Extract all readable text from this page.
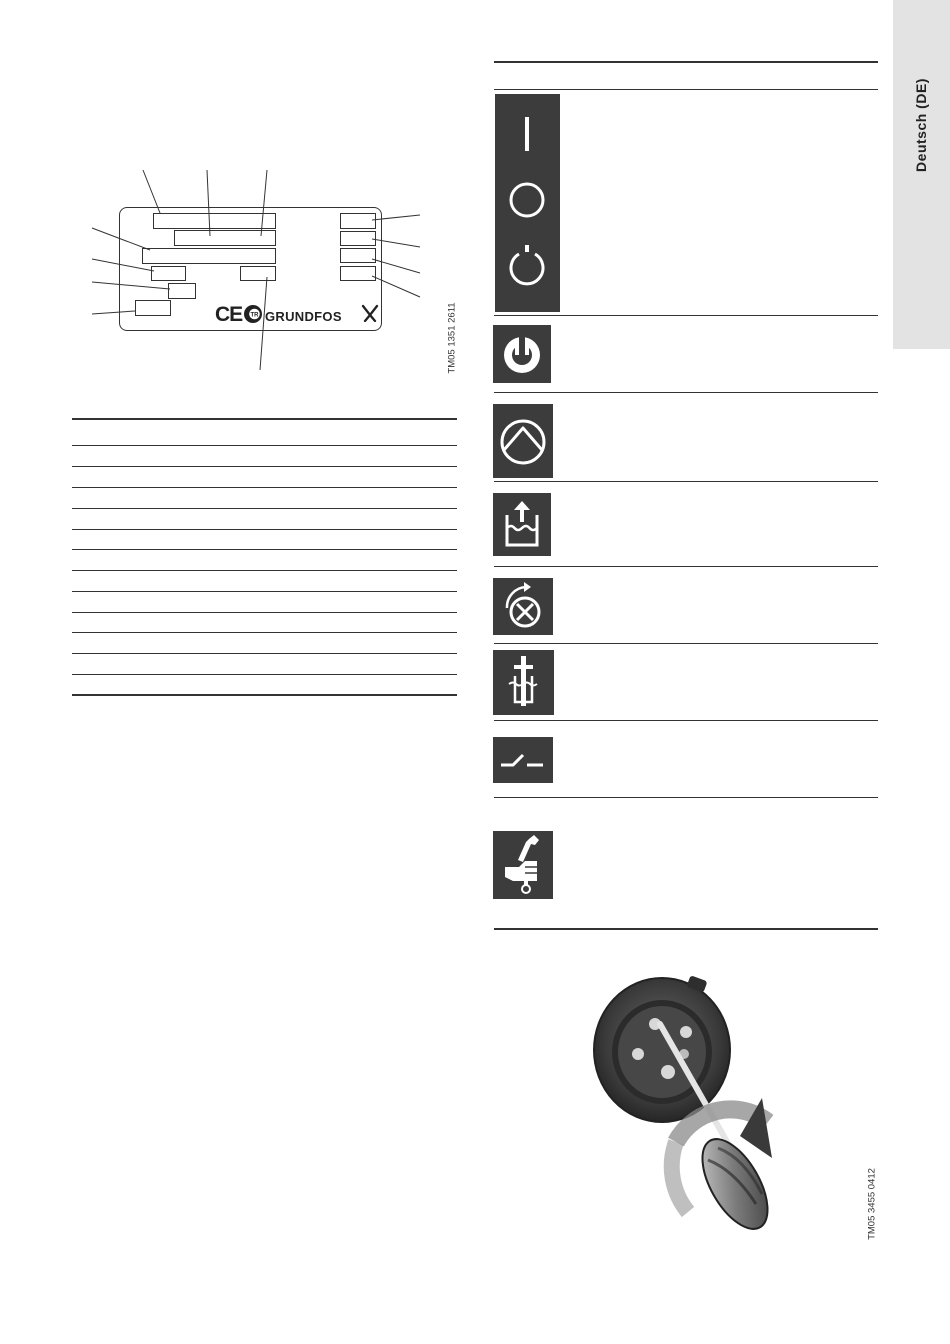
Deutsch (DE)
CE TR GRUNDFOS	TM05 1351 2611
TM05 3455 0412
